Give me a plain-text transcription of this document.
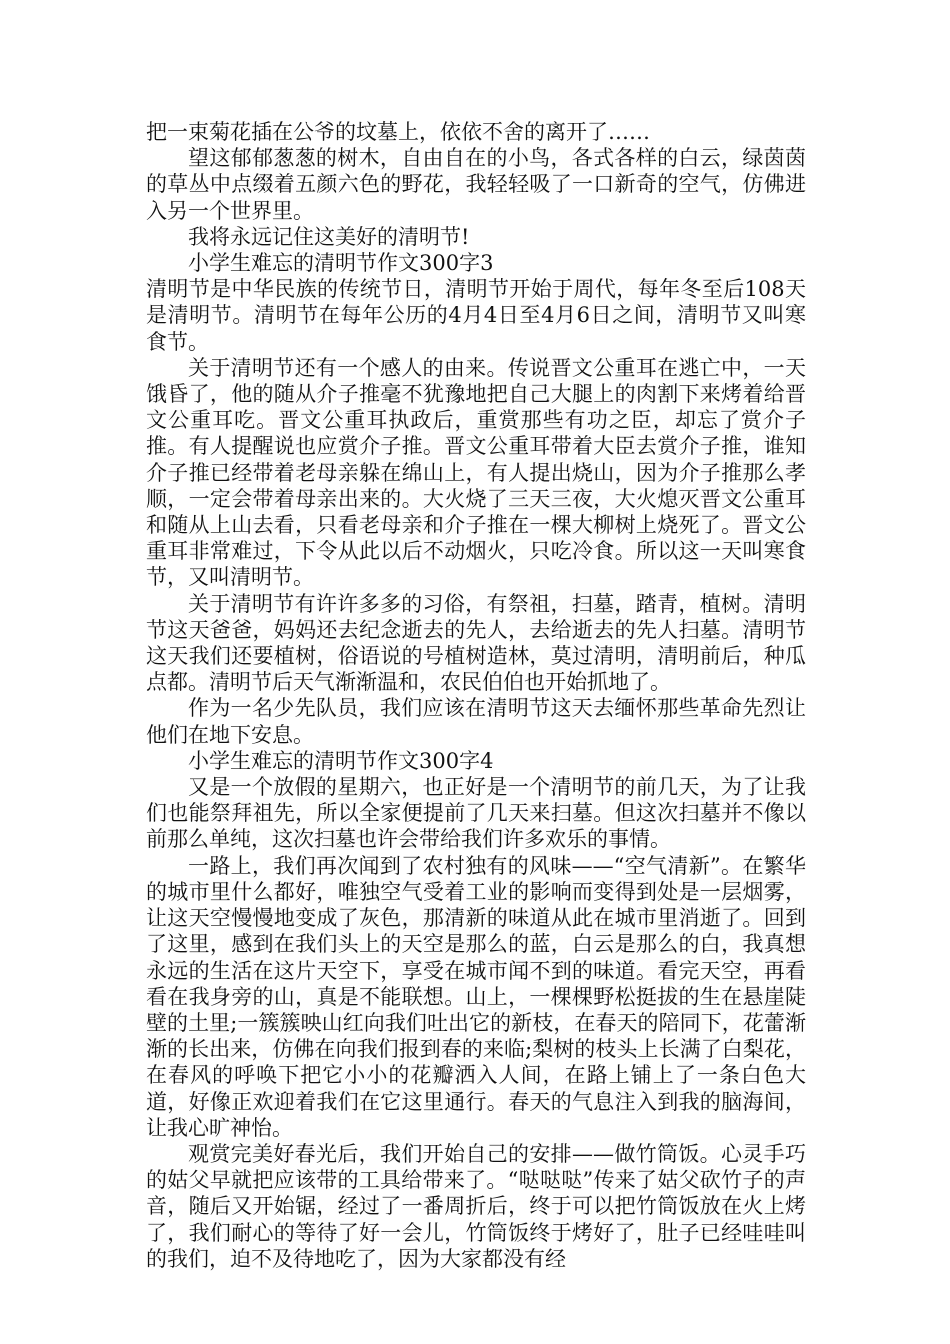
把一束菊花插在公爷的坟墓上，依依不舍的离开了……

望这郁郁葱葱的树木，自由自在的小鸟，各式各样的白云，绿茵茵的草丛中点缀着五颜六色的野花，我轻轻吸了一口新奇的空气，仿佛进入另一个世界里。

我将永远记住这美好的清明节!

小学生难忘的清明节作文300字3

清明节是中华民族的传统节日，清明节开始于周代，每年冬至后108天是清明节。清明节在每年公历的4月4日至4月6日之间，清明节又叫寒食节。

关于清明节还有一个感人的由来。传说晋文公重耳在逃亡中，一天饿昏了，他的随从介子推毫不犹豫地把自己大腿上的肉割下来烤着给晋文公重耳吃。晋文公重耳执政后，重赏那些有功之臣，却忘了赏介子推。有人提醒说也应赏介子推。晋文公重耳带着大臣去赏介子推，谁知介子推已经带着老母亲躲在绵山上，有人提出烧山，因为介子推那么孝顺，一定会带着母亲出来的。大火烧了三天三夜，大火熄灭晋文公重耳和随从上山去看，只看老母亲和介子推在一棵大柳树上烧死了。晋文公重耳非常难过，下令从此以后不动烟火，只吃冷食。所以这一天叫寒食节，又叫清明节。

关于清明节有许许多多的习俗，有祭祖，扫墓，踏青，植树。清明节这天爸爸，妈妈还去纪念逝去的先人，去给逝去的先人扫墓。清明节这天我们还要植树，俗语说的号植树造林，莫过清明，清明前后，种瓜点都。清明节后天气渐渐温和，农民伯伯也开始抓地了。

作为一名少先队员，我们应该在清明节这天去缅怀那些革命先烈让他们在地下安息。

小学生难忘的清明节作文300字4

又是一个放假的星期六，也正好是一个清明节的前几天，为了让我们也能祭拜祖先，所以全家便提前了几天来扫墓。但这次扫墓并不像以前那么单纯，这次扫墓也许会带给我们许多欢乐的事情。

一路上，我们再次闻到了农村独有的风味——“空气清新”。在繁华的城市里什么都好，唯独空气受着工业的影响而变得到处是一层烟雾，让这天空慢慢地变成了灰色，那清新的味道从此在城市里消逝了。回到了这里，感到在我们头上的天空是那么的蓝，白云是那么的白，我真想永远的生活在这片天空下，享受在城市闻不到的味道。看完天空，再看看在我身旁的山，真是不能联想。山上，一棵棵野松挺拔的生在悬崖陡壁的土里;一簇簇映山红向我们吐出它的新枝，在春天的陪同下，花蕾渐渐的长出来，仿佛在向我们报到春的来临;梨树的枝头上长满了白梨花，在春风的呼唤下把它小小的花瓣洒入人间，在路上铺上了一条白色大道，好像正欢迎着我们在它这里通行。春天的气息注入到我的脑海间，让我心旷神怡。

观赏完美好春光后，我们开始自己的安排——做竹筒饭。心灵手巧的姑父早就把应该带的工具给带来了。“哒哒哒”传来了姑父砍竹子的声音，随后又开始锯，经过了一番周折后，终于可以把竹筒饭放在火上烤了，我们耐心的等待了好一会儿，竹筒饭终于烤好了，肚子已经哇哇叫的我们，迫不及待地吃了，因为大家都没有经
